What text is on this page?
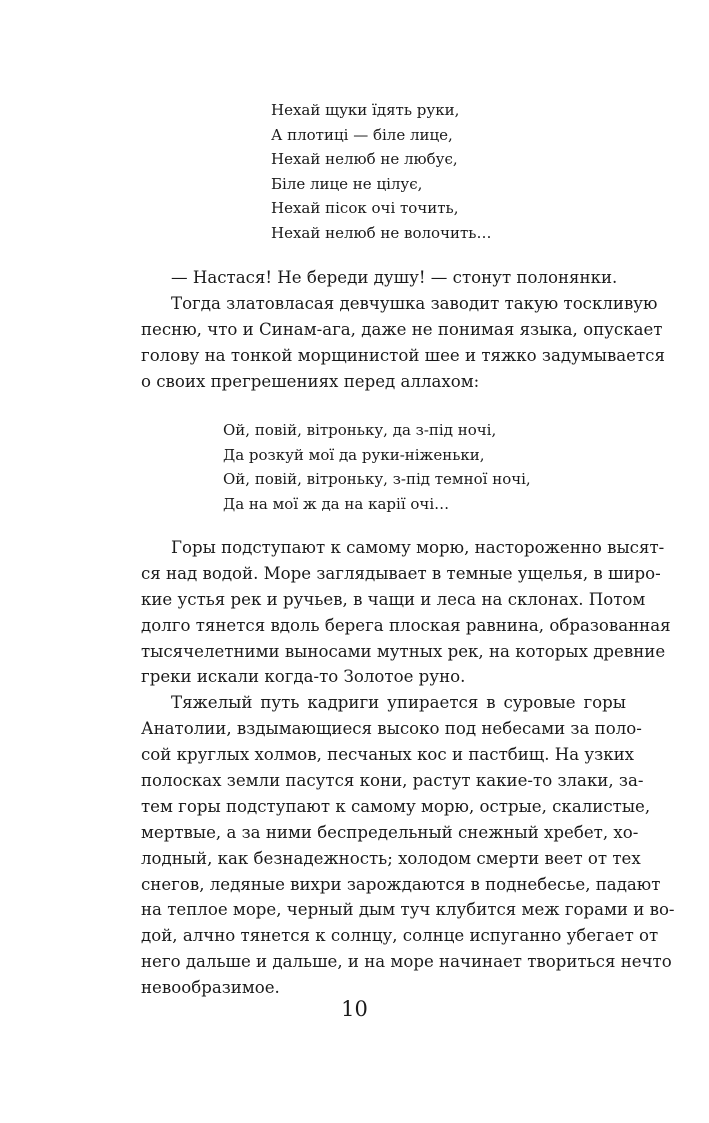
Нехай щуки їдять руки,
А плотиці — біле лице,
Нехай нелюб не любує,
Біле лице не цілує,
Нехай пісок очі точить,
Нехай нелюб не волочить…
— Настася! Не береди душу! — стонут полонянки.
Тогда златовласая девчушка заводит такую тоскливую
песню, что и Синам-ага, даже не понимая языка, опускает
голову на тонкой морщинистой шее и тяжко задумывается
о своих прегрешениях перед аллахом:
Ой, повій, вітроньку, да з-під ночі,
Да розкуй мої да руки-ніженьки,
Ой, повій, вітроньку, з-під темної ночі,
Да на мої ж да на карії очі…
Горы подступают к самому морю, настороженно высят-
ся над водой. Море заглядывает в темные ущелья, в широ-
кие устья рек и ручьев, в чащи и леса на склонах. Потом
долго тянется вдоль берега плоская равнина, образованная
тысячелетними выносами мутных рек, на которых древние
греки искали когда-то Золотое руно.
Тяжелый путь кадриги упирается в суровые горы
Анатолии, вздымающиеся высоко под небесами за поло-
сой круглых холмов, песчаных кос и пастбищ. На узких
полосках земли пасутся кони, растут какие-то злаки, за-
тем горы подступают к самому морю, острые, скалистые,
мертвые, а за ними беспредельный снежный хребет, хо-
лодный, как безнадежность; холодом смерти веет от тех
снегов, ледяные вихри зарождаются в поднебесье, падают
на теплое море, черный дым туч клубится меж горами и во-
дой, алчно тянется к солнцу, солнце испуганно убегает от
него дальше и дальше, и на море начинает твориться нечто
невообразимое.
10
